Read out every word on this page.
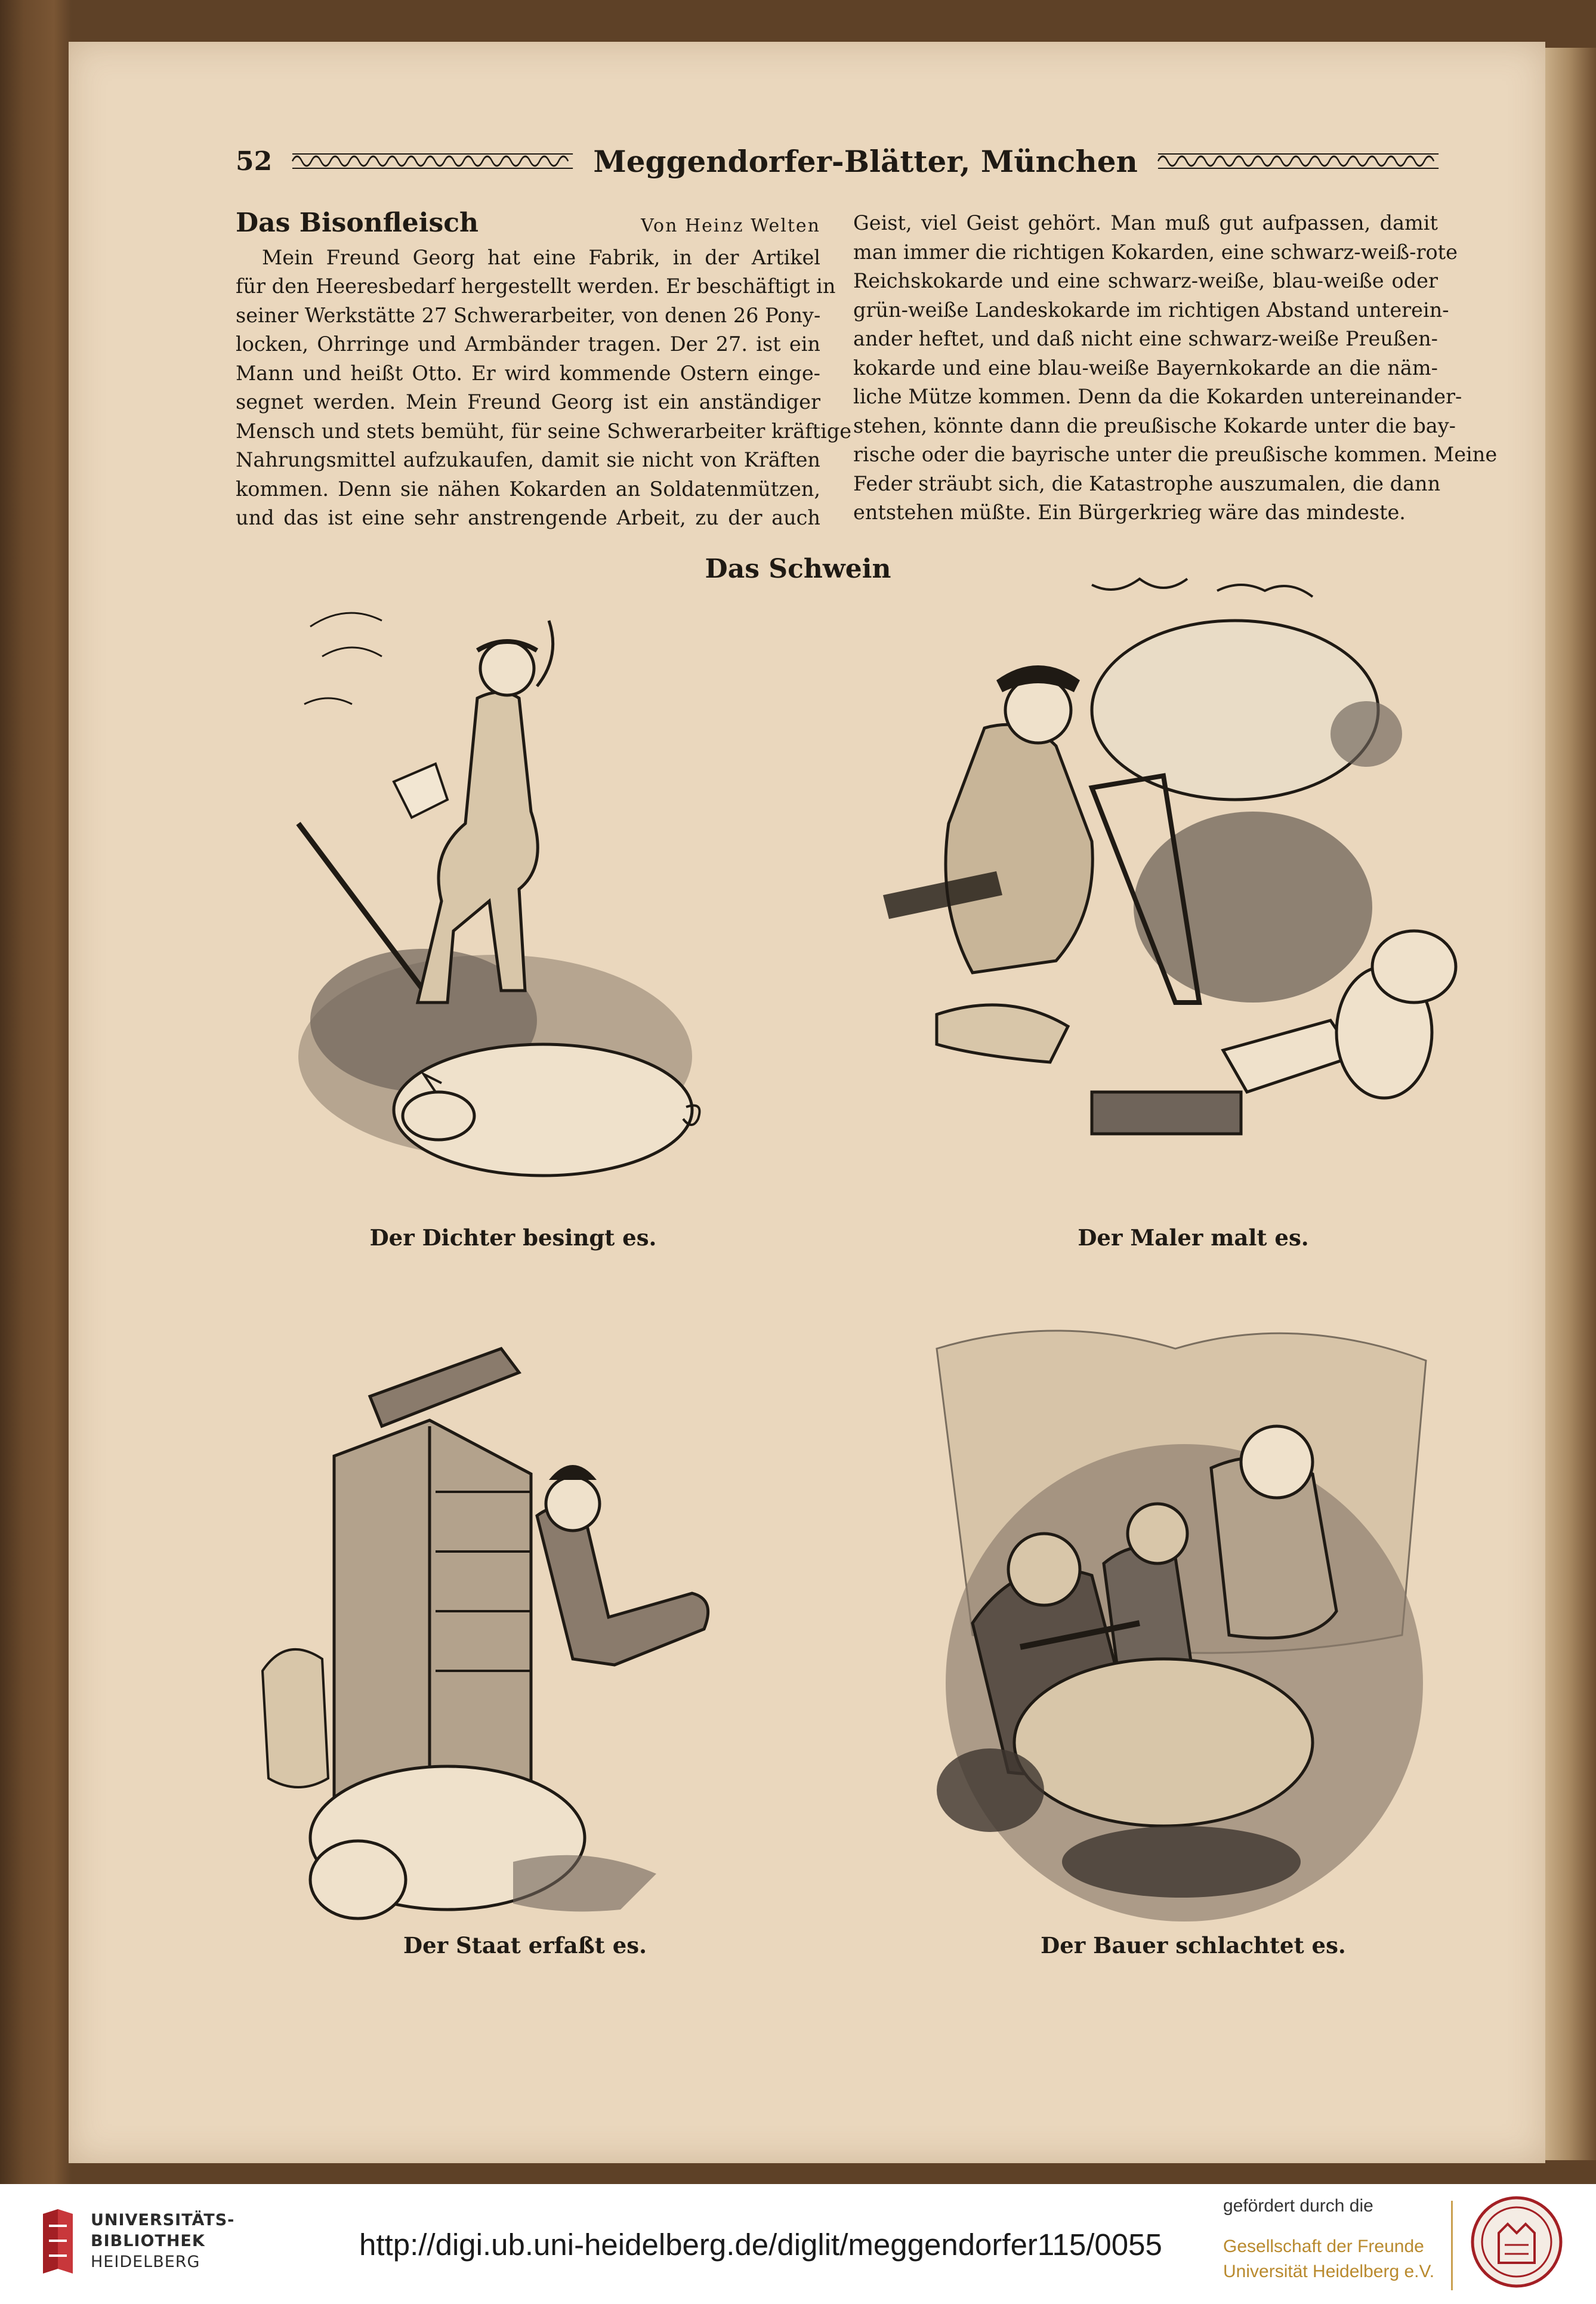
52	Meggendorfer-Blätter, München
Das Bisonfleisch	Von Heinz Welten
Mein Freund Georg hat eine Fabrik, in der Artikel
für den Heeresbedarf hergestellt werden. Er beschäftigt in
seiner Werkstätte 27 Schwerarbeiter, von denen 26 Pony-
locken, Ohrringe und Armbänder tragen. Der 27. ist ein
Mann und heißt Otto. Er wird kommende Ostern einge-
segnet werden. Mein Freund Georg ist ein anständiger
Mensch und stets bemüht, für seine Schwerarbeiter kräftige
Nahrungsmittel aufzukaufen, damit sie nicht von Kräften
kommen. Denn sie nähen Kokarden an Soldatenmützen,
und das ist eine sehr anstrengende Arbeit, zu der auch
Geist, viel Geist gehört. Man muß gut aufpassen, damit
man immer die richtigen Kokarden, eine schwarz-weiß-rote
Reichskokarde und eine schwarz-weiße, blau-weiße oder
grün-weiße Landeskokarde im richtigen Abstand unterein-
ander heftet, und daß nicht eine schwarz-weiße Preußen-
kokarde und eine blau-weiße Bayernkokarde an die näm-
liche Mütze kommen. Denn da die Kokarden untereinander-
stehen, könnte dann die preußische Kokarde unter die bay-
rische oder die bayrische unter die preußische kommen. Meine
Feder sträubt sich, die Katastrophe auszumalen, die dann
entstehen müßte. Ein Bürgerkrieg wäre das mindeste.
Das Schwein
Der Dichter besingt es.	Der Maler malt es.
Der Staat erfaßt es.	Der Bauer schlachtet es.
UNIVERSITÄTS-
BIBLIOTHEK
HEIDELBERG
http://digi.ub.uni-heidelberg.de/diglit/meggendorfer115/0055
gefördert durch die
Gesellschaft der Freunde
Universität Heidelberg e.V.
